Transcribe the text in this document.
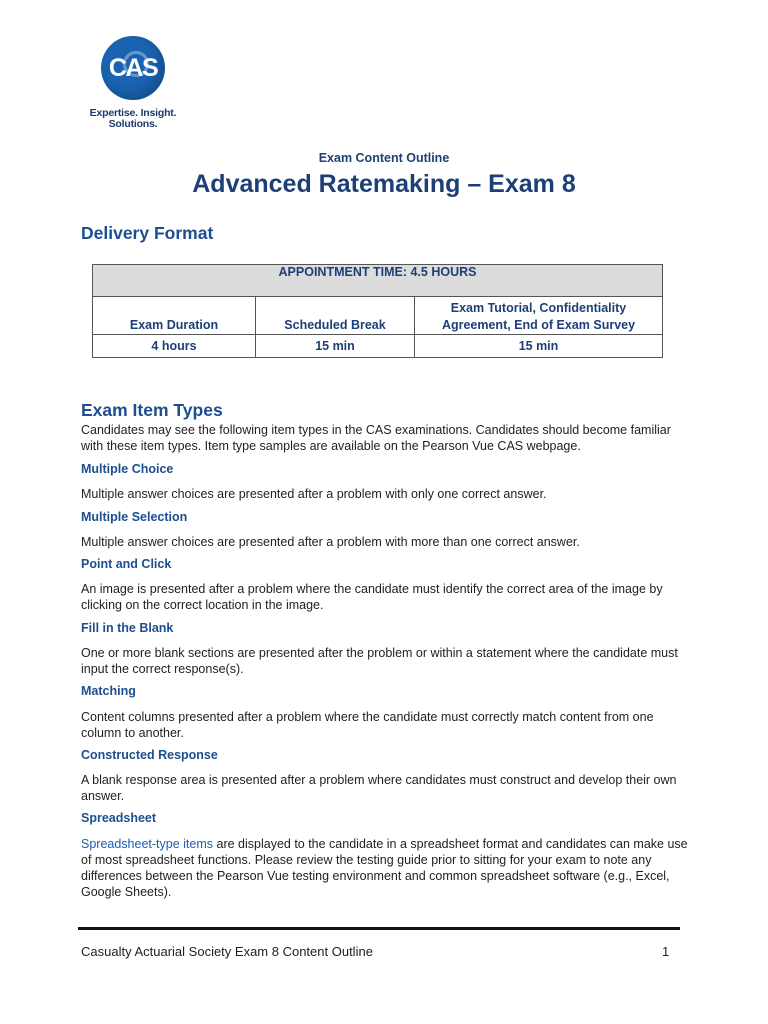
CAS
Expertise. Insight.
Solutions.
Exam Content Outline
Advanced Ratemaking – Exam 8
Delivery Format
APPOINTMENT TIME: 4.5 HOURS		
Exam Duration	Scheduled Break	Exam Tutorial, Confidentiality Agreement, End of Exam Survey
4 hours	15 min	15 min
Exam Item Types
Candidates may see the following item types in the CAS examinations. Candidates should become familiar with these item types. Item type samples are available on the Pearson Vue CAS webpage.
Multiple Choice
Multiple answer choices are presented after a problem with only one correct answer.
Multiple Selection
Multiple answer choices are presented after a problem with more than one correct answer.
Point and Click
An image is presented after a problem where the candidate must identify the correct area of the image by clicking on the correct location in the image.
Fill in the Blank
One or more blank sections are presented after the problem or within a statement where the candidate must input the correct response(s).
Matching
Content columns presented after a problem where the candidate must correctly match content from one column to another.
Constructed Response
A blank response area is presented after a problem where candidates must construct and develop their own answer.
Spreadsheet
Spreadsheet-type items are displayed to the candidate in a spreadsheet format and candidates can make use of most spreadsheet functions. Please review the testing guide prior to sitting for your exam to note any differences between the Pearson Vue testing environment and common spreadsheet software (e.g., Excel, Google Sheets).
Casualty Actuarial Society Exam 8 Content Outline	1
